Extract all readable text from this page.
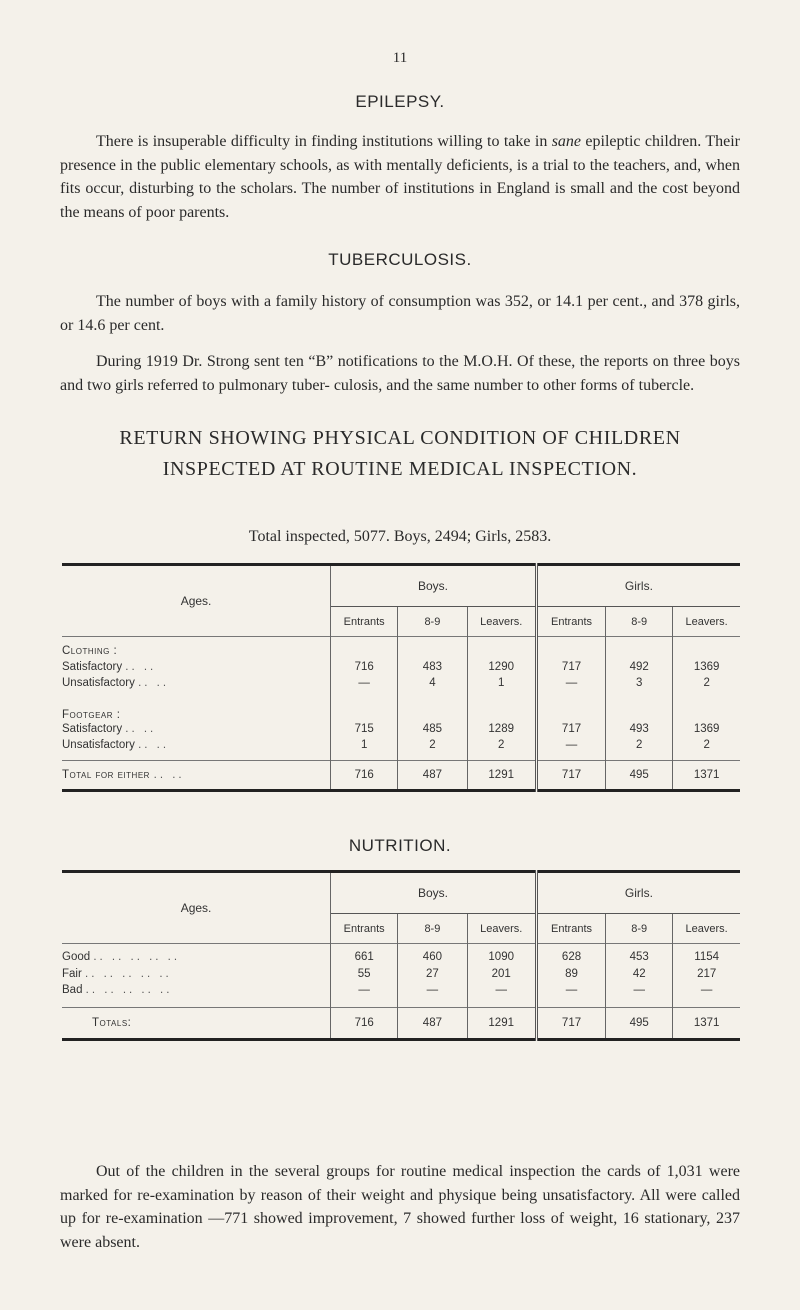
11
EPILEPSY.
There is insuperable difficulty in finding institutions willing to take in sane epileptic children. Their presence in the public elementary schools, as with mentally deficients, is a trial to the teachers, and, when fits occur, disturbing to the scholars. The number of institutions in England is small and the cost beyond the means of poor parents.
TUBERCULOSIS.
The number of boys with a family history of consumption was 352, or 14.1 per cent., and 378 girls, or 14.6 per cent.
During 1919 Dr. Strong sent ten “B” notifications to the M.O.H. Of these, the reports on three boys and two girls referred to pulmonary tuber- culosis, and the same number to other forms of tubercle.
RETURN SHOWING PHYSICAL CONDITION OF CHILDREN
INSPECTED AT ROUTINE MEDICAL INSPECTION.
Total inspected, 5077. Boys, 2494; Girls, 2583.
Ages.	Boys.			Girls.		
	Entrants	8-9	Leavers.	Entrants	8-9	Leavers.
Clothing :						
Satisfactory .. ..	716	483	1290	717	492	1369
Unsatisfactory .. ..	—	4	1	—	3	2
Footgear :						
Satisfactory .. ..	715	485	1289	717	493	1369
Unsatisfactory .. ..	1	2	2	—	2	2

Total for either .. ..	716	487	1291	717	495	1371
NUTRITION.
Ages.	Boys.			Girls.		
	Entrants	8-9	Leavers.	Entrants	8-9	Leavers.
Good .. .. .. .. ..	661	460	1090	628	453	1154
Fair .. .. .. .. ..	55	27	201	89	42	217
Bad .. .. .. .. ..	—	—	—	—	—	—

Totals:	716	487	1291	717	495	1371
Out of the children in the several groups for routine medical inspection the cards of 1,031 were marked for re-examination by reason of their weight and physique being unsatisfactory. All were called up for re-examination —771 showed improvement, 7 showed further loss of weight, 16 stationary, 237 were absent.
